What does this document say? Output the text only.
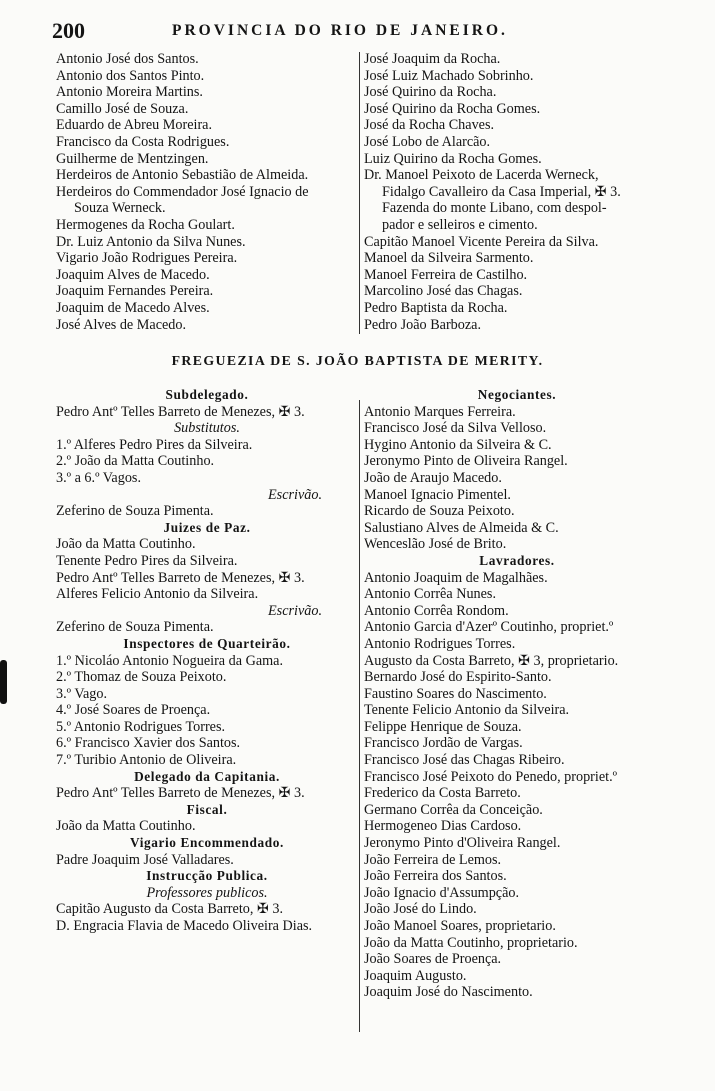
200	PROVINCIA DO RIO DE JANEIRO.
Antonio José dos Santos.
Antonio dos Santos Pinto.
Antonio Moreira Martins.
Camillo José de Souza.
Eduardo de Abreu Moreira.
Francisco da Costa Rodrigues.
Guilherme de Mentzingen.
Herdeiros de Antonio Sebastião de Almeida.
Herdeiros do Commendador José Ignacio de
Souza Werneck.
Hermogenes da Rocha Goulart.
Dr. Luiz Antonio da Silva Nunes.
Vigario João Rodrigues Pereira.
Joaquim Alves de Macedo.
Joaquim Fernandes Pereira.
Joaquim de Macedo Alves.
José Alves de Macedo.
José Joaquim da Rocha.
José Luiz Machado Sobrinho.
José Quirino da Rocha.
José Quirino da Rocha Gomes.
José da Rocha Chaves.
José Lobo de Alarcão.
Luiz Quirino da Rocha Gomes.
Dr. Manoel Peixoto de Lacerda Werneck,
Fidalgo Cavalleiro da Casa Imperial, ✠ 3.
Fazenda do monte Libano, com despol-
pador e selleiros e cimento.
Capitão Manoel Vicente Pereira da Silva.
Manoel da Silveira Sarmento.
Manoel Ferreira de Castilho.
Marcolino José das Chagas.
Pedro Baptista da Rocha.
Pedro João Barboza.
FREGUEZIA DE S. JOÃO BAPTISTA DE MERITY.
Subdelegado.
Pedro Antº Telles Barreto de Menezes, ✠ 3.
Substitutos.
1.º Alferes Pedro Pires da Silveira.
2.º João da Matta Coutinho.
3.º a 6.º Vagos.
Escrivão.
Zeferino de Souza Pimenta.
Juizes de Paz.
João da Matta Coutinho.
Tenente Pedro Pires da Silveira.
Pedro Antº Telles Barreto de Menezes, ✠ 3.
Alferes Felicio Antonio da Silveira.
Escrivão.
Zeferino de Souza Pimenta.
Inspectores de Quarteirão.
1.º Nicoláo Antonio Nogueira da Gama.
2.º Thomaz de Souza Peixoto.
3.º Vago.
4.º José Soares de Proença.
5.º Antonio Rodrigues Torres.
6.º Francisco Xavier dos Santos.
7.º Turibio Antonio de Oliveira.
Delegado da Capitania.
Pedro Antº Telles Barreto de Menezes, ✠ 3.
Fiscal.
João da Matta Coutinho.
Vigario Encommendado.
Padre Joaquim José Valladares.
Instrucção Publica.
Professores publicos.
Capitão Augusto da Costa Barreto, ✠ 3.
D. Engracia Flavia de Macedo Oliveira Dias.
Negociantes.
Antonio Marques Ferreira.
Francisco José da Silva Velloso.
Hygino Antonio da Silveira & C.
Jeronymo Pinto de Oliveira Rangel.
João de Araujo Macedo.
Manoel Ignacio Pimentel.
Ricardo de Souza Peixoto.
Salustiano Alves de Almeida & C.
Wenceslão José de Brito.
Lavradores.
Antonio Joaquim de Magalhães.
Antonio Corrêa Nunes.
Antonio Corrêa Rondom.
Antonio Garcia d'Azerº Coutinho, propriet.º
Antonio Rodrigues Torres.
Augusto da Costa Barreto, ✠ 3, proprietario.
Bernardo José do Espirito-Santo.
Faustino Soares do Nascimento.
Tenente Felicio Antonio da Silveira.
Felippe Henrique de Souza.
Francisco Jordão de Vargas.
Francisco José das Chagas Ribeiro.
Francisco José Peixoto do Penedo, propriet.º
Frederico da Costa Barreto.
Germano Corrêa da Conceição.
Hermogeneo Dias Cardoso.
Jeronymo Pinto d'Oliveira Rangel.
João Ferreira de Lemos.
João Ferreira dos Santos.
João Ignacio d'Assumpção.
João José do Lindo.
João Manoel Soares, proprietario.
João da Matta Coutinho, proprietario.
João Soares de Proença.
Joaquim Augusto.
Joaquim José do Nascimento.
